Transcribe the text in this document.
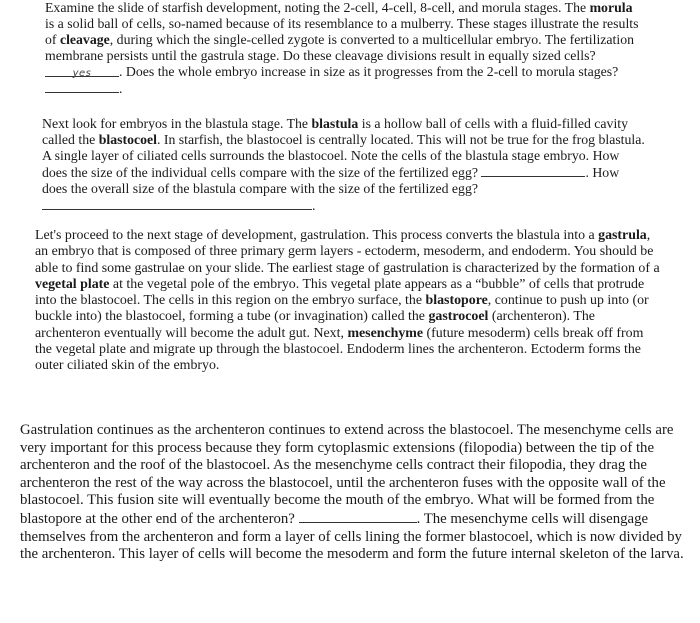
Examine the slide of starfish development, noting the 2-cell, 4-cell, 8-cell, and morula stages. The morula is a solid ball of cells, so-named because of its resemblance to a mulberry. These stages illustrate the results of cleavage, during which the single-celled zygote is converted to a multicellular embryo. The fertilization membrane persists until the gastrula stage. Do these cleavage divisions result in equally sized cells? yes . Does the whole embryo increase in size as it progresses from the 2-cell to morula stages? .
Next look for embryos in the blastula stage. The blastula is a hollow ball of cells with a fluid-filled cavity called the blastocoel. In starfish, the blastocoel is centrally located. This will not be true for the frog blastula. A single layer of ciliated cells surrounds the blastocoel. Note the cells of the blastula stage embryo. How does the size of the individual cells compare with the size of the fertilized egg?	. How does the overall size of the blastula compare with the size of the fertilized egg? .
Let's proceed to the next stage of development, gastrulation. This process converts the blastula into a gastrula, an embryo that is composed of three primary germ layers - ectoderm, mesoderm, and endoderm. You should be able to find some gastrulae on your slide. The earliest stage of gastrulation is characterized by the formation of a vegetal plate at the vegetal pole of the embryo. This vegetal plate appears as a “bubble” of cells that protrude into the blastocoel. The cells in this region on the embryo surface, the blastopore, continue to push up into (or buckle into) the blastocoel, forming a tube (or invagination) called the gastrocoel (archenteron). The archenteron eventually will become the adult gut. Next, mesenchyme (future mesoderm) cells break off from the vegetal plate and migrate up through the blastocoel. Endoderm lines the archenteron. Ectoderm forms the outer ciliated skin of the embryo.
Gastrulation continues as the archenteron continues to extend across the blastocoel. The mesenchyme cells are very important for this process because they form cytoplasmic extensions (filopodia) between the tip of the archenteron and the roof of the blastocoel. As the mesenchyme cells contract their filopodia, they drag the archenteron the rest of the way across the blastocoel, until the archenteron fuses with the opposite wall of the blastocoel. This fusion site will eventually become the mouth of the embryo. What will be formed from the blastopore at the other end of the archenteron?	. The mesenchyme cells will disengage themselves from the archenteron and form a layer of cells lining the former blastocoel, which is now divided by the archenteron. This layer of cells will become the mesoderm and form the future internal skeleton of the larva.
